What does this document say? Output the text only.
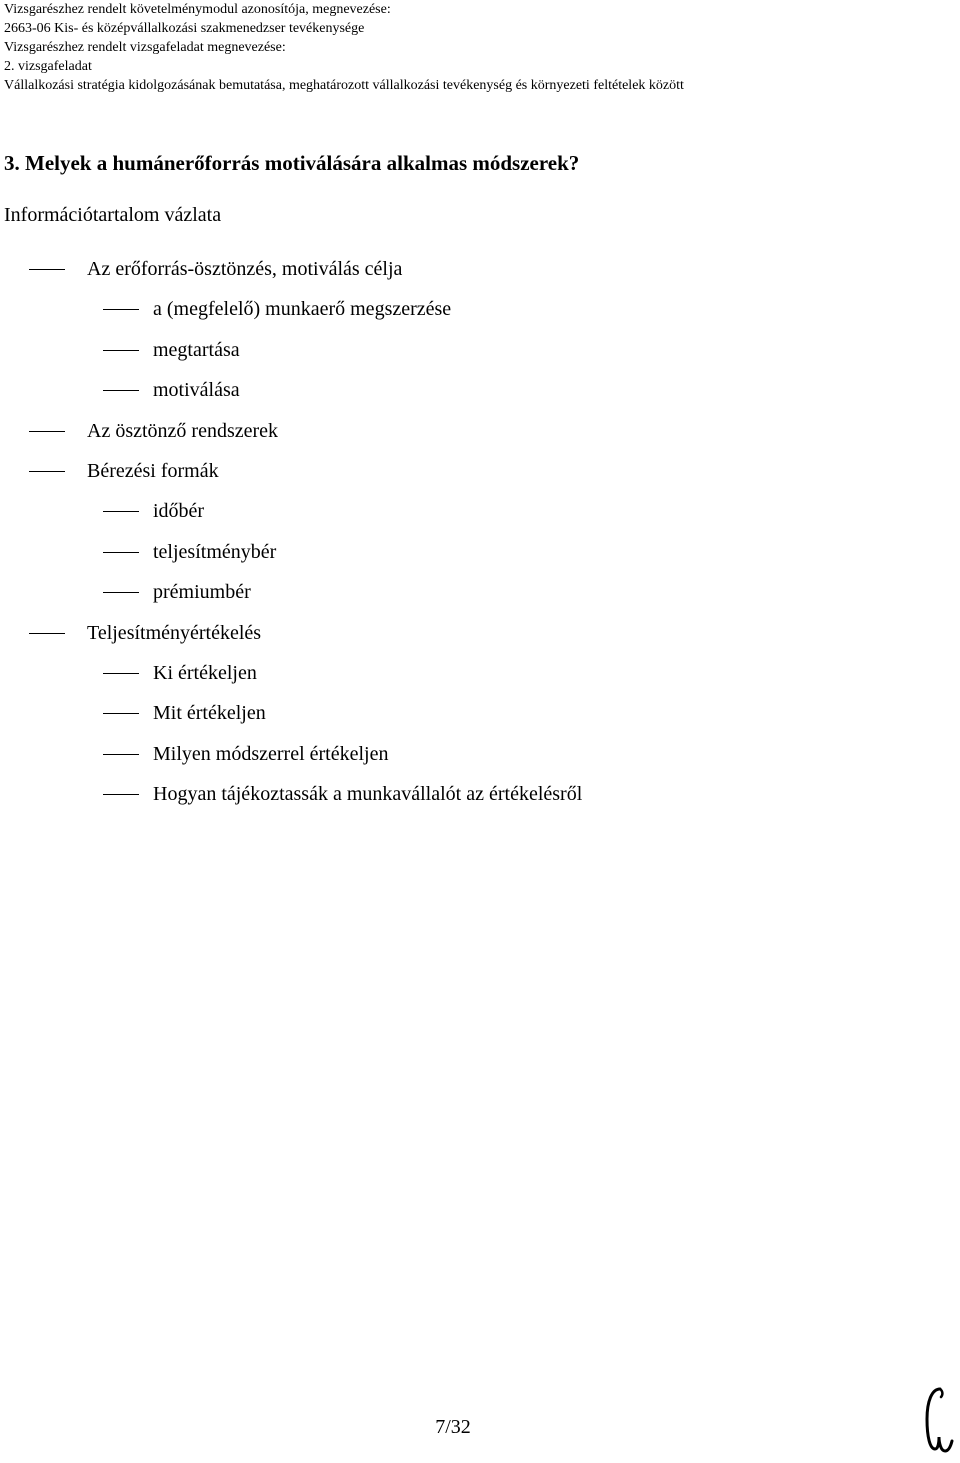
Vizsgarészhez rendelt követelménymodul azonosítója, megnevezése:
2663-06 Kis- és középvállalkozási szakmenedzser tevékenysége
Vizsgarészhez rendelt vizsgafeladat megnevezése:
2. vizsgafeladat
Vállalkozási stratégia kidolgozásának bemutatása, meghatározott vállalkozási tevékenység és környezeti feltételek között
3. Melyek a humánerőforrás motiválására alkalmas módszerek?
Információtartalom vázlata
Az erőforrás-ösztönzés, motiválás célja
a (megfelelő) munkaerő megszerzése
megtartása
motiválása
Az ösztönző rendszerek
Bérezési formák
időbér
teljesítménybér
prémiumbér
Teljesítményértékelés
Ki értékeljen
Mit értékeljen
Milyen módszerrel értékeljen
Hogyan tájékoztassák a munkavállalót az értékelésről
7/32
